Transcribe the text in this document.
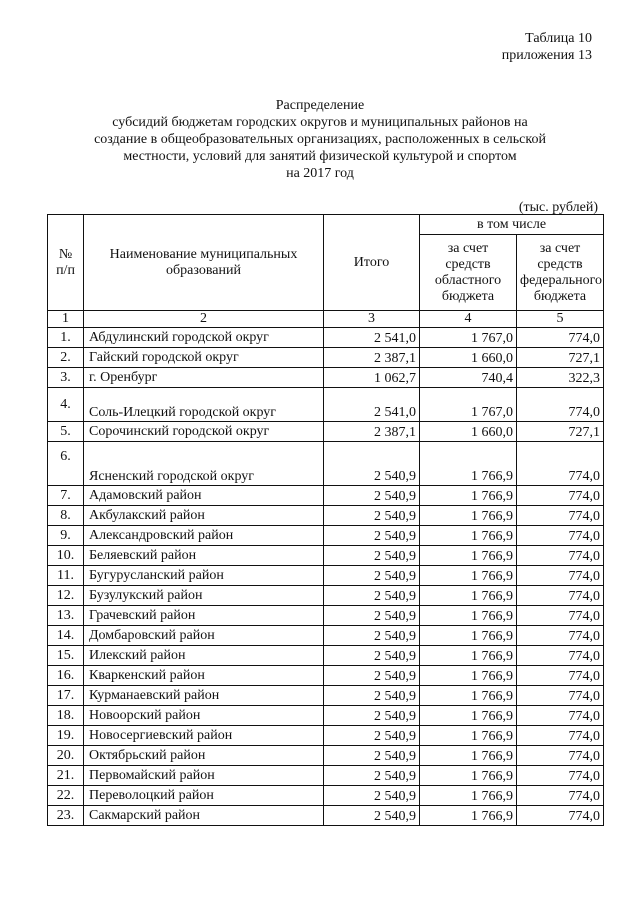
Таблица 10
приложения 13
Распределение
субсидий бюджетам городских округов и муниципальных районов на
создание в общеобразовательных организациях, расположенных в сельской
местности, условий для занятий физической культурой и спортом
на 2017 год
(тыс. рублей)
№ п/п	Наименование муниципальных образований	Итого	в том числе	
			за счет средств областного бюджета	за счет средств федерального бюджета
1	2	3	4	5
1.	Абдулинский городской округ	2 541,0	1 767,0	774,0
2.	Гайский городской округ	2 387,1	1 660,0	727,1
3.	г. Оренбург	1 062,7	740,4	322,3
4.	Соль-Илецкий городской округ	2 541,0	1 767,0	774,0
5.	Сорочинский городской округ	2 387,1	1 660,0	727,1
6.	Ясненский городской округ	2 540,9	1 766,9	774,0
7.	Адамовский район	2 540,9	1 766,9	774,0
8.	Акбулакский район	2 540,9	1 766,9	774,0
9.	Александровский район	2 540,9	1 766,9	774,0
10.	Беляевский район	2 540,9	1 766,9	774,0
11.	Бугурусланский район	2 540,9	1 766,9	774,0
12.	Бузулукский район	2 540,9	1 766,9	774,0
13.	Грачевский район	2 540,9	1 766,9	774,0
14.	Домбаровский район	2 540,9	1 766,9	774,0
15.	Илекский район	2 540,9	1 766,9	774,0
16.	Кваркенский район	2 540,9	1 766,9	774,0
17.	Курманаевский район	2 540,9	1 766,9	774,0
18.	Новоорский район	2 540,9	1 766,9	774,0
19.	Новосергиевский район	2 540,9	1 766,9	774,0
20.	Октябрьский район	2 540,9	1 766,9	774,0
21.	Первомайский район	2 540,9	1 766,9	774,0
22.	Переволоцкий район	2 540,9	1 766,9	774,0
23.	Сакмарский район	2 540,9	1 766,9	774,0
